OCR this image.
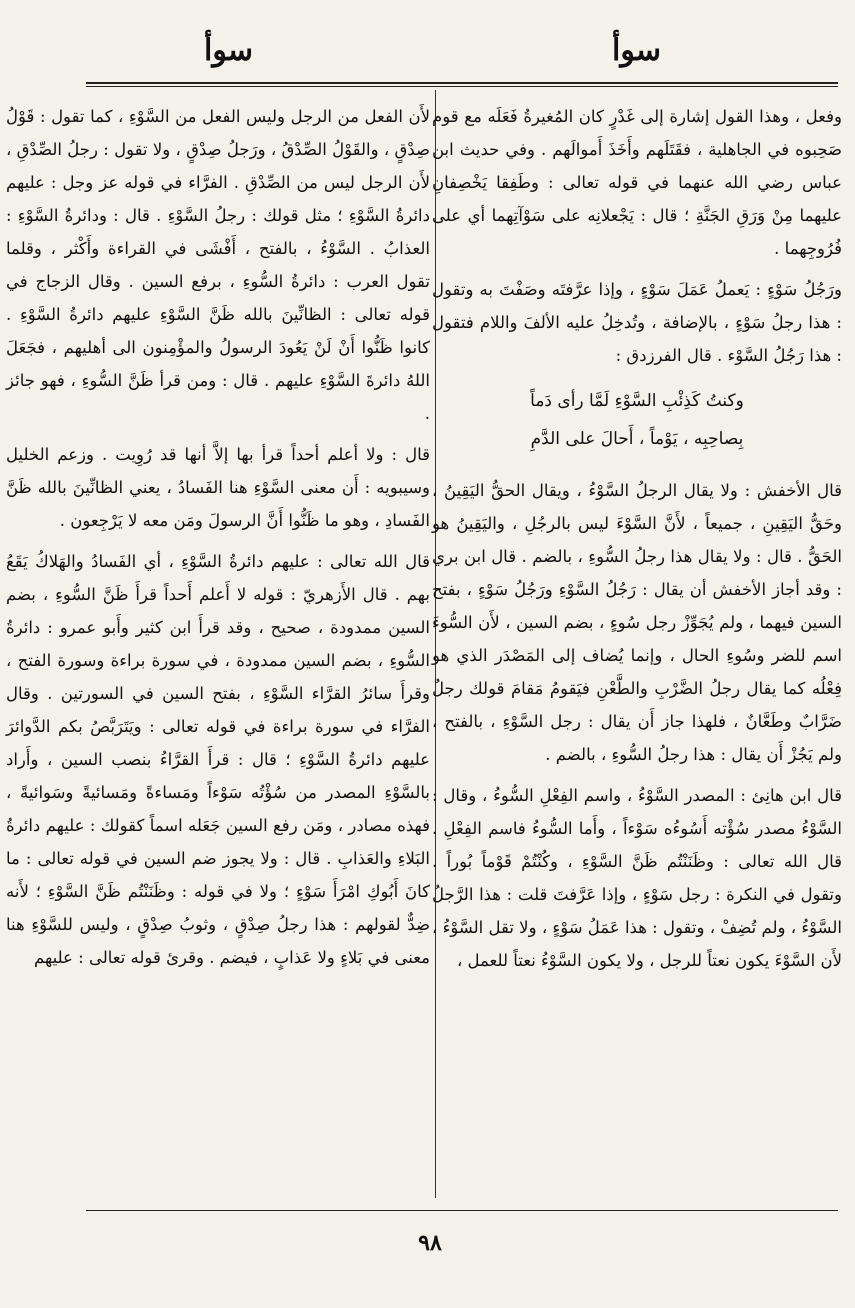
سوأ	سوأ

وفعل ، وهذا القول إشارة إلى غَدْرٍ كان المُغيرةُ فَعَلَه مع قوم صَحِبوه في الجاهلية ، فقَتَلَهم وأَخَذَ أَموالَهم . وفي حديث ابن عباس رضي الله عنهما في قوله تعالى : وطَفِقا يَخْصِفانِ عليهما مِنْ وَرَقِ الجَنَّةِ ؛ قال : يَجْعلانِه على سَوْآتِهما أي على فُرُوجِهما .

ورَجُلُ سَوْءٍ : يَعملُ عَمَلَ سَوْءٍ ، وإذا عرَّفتَه وصَفْتَ به وتقول : هذا رجلُ سَوْءٍ ، بالإضافة ، وتُدخِلُ عليه الألفَ واللام فتقول : هذا رَجُلُ السَّوْء . قال الفرزدق :

وكنتُ كَذِئْبِ السَّوْءِ لَمَّا رأى دَماً
بِصاحِبِه ، يَوْماً ، أَحالَ على الدَّمِ

قال الأخفش : ولا يقال الرجلُ السَّوْءُ ، ويقال الحقُّ اليَقِينُ ، وحَقُّ اليَقِينِ ، جميعاً ، لأَنَّ السَّوْءَ ليس بالرجُلِ ، واليَقِينُ هو الحَقُّ . قال : ولا يقال هذا رجلُ السُّوءِ ، بالضم . قال ابن بري : وقد أجاز الأخفش أن يقال : رَجُلُ السَّوْءِ ورَجُلُ سَوْءٍ ، بفتح السين فيهما ، ولم يُجَوِّزْ رجل سُوءٍ ، بضم السين ، لأَن السُّوءَ اسم للضر وسُوءِ الحال ، وإنما يُضاف إلى المَصْدَر الذي هو فِعْلُه كما يقال رجلُ الضَّرْبِ والطَّعْنِ فيَقومُ مَقامَ قولك رجلٌ ضَرَّابٌ وطَعَّانٌ ، فلهذا جاز أَن يقال : رجل السَّوْءِ ، بالفتح ، ولم يَجُزْ أَن يقال : هذا رجلُ السُّوءِ ، بالضم .

قال ابن هانِئ : المصدر السَّوْءُ ، واسم الفِعْلِ السُّوءُ ، وقال : السَّوْءُ مصدر سُؤْته أَسُوءُه سَوْءاً ، وأَما السُّوءُ فاسم الفِعْلِ . قال الله تعالى : وظَنَنْتُم ظَنَّ السَّوْءِ ، وكُنْتُمْ قَوْماً بُوراً . وتقول في النكرة : رجل سَوْءٍ ، وإذا عَرَّفتَ قلت : هذا الرَّجلُ السَّوْءُ ، ولم تُضِفْ ، وتقول : هذا عَمَلُ سَوْءٍ ، ولا تقل السَّوْءُ ، لأَن السَّوْءَ يكون نعتاً للرجل ، ولا يكون السَّوْءُ نعتاً للعمل ،

لأَن الفعل من الرجل وليس الفعل من السَّوْءِ ، كما تقول : قَوْلُ صِدْقٍ ، والقَوْلُ الصِّدْقُ ، ورَجلُ صِدْقٍ ، ولا تقول : رجلُ الصِّدْقِ ، لأَن الرجل ليس من الصِّدْقِ . الفرَّاء في قوله عز وجل : عليهم دائرةُ السَّوْءِ ؛ مثل قولك : رجلُ السَّوْءِ . قال : ودائرةُ السَّوْءِ : العذابُ . السَّوْءُ ، بالفتح ، أَفْشَى في القراءة وأَكْثر ، وقلما تقول العرب : دائرةُ السُّوءِ ، برفع السين . وقال الزجاج في قوله تعالى : الظانِّينَ بالله ظَنَّ السَّوْءِ عليهم دائرةُ السَّوْءِ . كانوا ظَنُّوا أَنْ لَنْ يَعُودَ الرسولُ والمؤْمِنون الى أهليهم ، فجَعَلَ اللهُ دائرةَ السَّوْءِ عليهم . قال : ومن قرأ ظَنَّ السُّوءِ ، فهو جائز .

قال : ولا أعلم أحداً قرأ بها إلاَّ أنها قد رُوِيت . وزعم الخليل وسيبويه : أَن معنى السَّوْءِ هنا الفَسادُ ، يعني الظانِّينَ بالله ظَنَّ الفَسادِ ، وهو ما ظَنُّوا أَنَّ الرسولَ ومَن معه لا يَرْجِعون .

قال الله تعالى : عليهم دائرةُ السَّوْءِ ، أي الفَسادُ والهَلاكُ يَقَعُ بهم . قال الأَزهريّ : قوله لا أَعلم أَحداً قرأَ ظَنَّ السُّوءِ ، بضم السين ممدودة ، صحيح ، وقد قرأَ ابن كثير وأَبو عمرو : دائرةُ السُّوءِ ، بضم السين ممدودة ، في سورة براءة وسورة الفتح ، وقرأَ سائرُ القرَّاء السَّوْءِ ، بفتح السين في السورتين . وقال الفرَّاء في سورة براءة في قوله تعالى : ويَتَرَبَّصُ بكم الدَّوائرَ عليهم دائرةُ السَّوْءِ ؛ قال : قرأَ القرَّاءُ بنصب السين ، وأَراد بالسَّوْءِ المصدر من سُؤْتُه سَوْءاً ومَساءةً ومَسائيةً وسَوائيةً ، فهذه مصادر ، ومَن رفع السين جَعَله اسماً كقولك : عليهم دائرةُ البَلاءِ والعَذابِ . قال : ولا يجوز ضم السين في قوله تعالى : ما كانَ أَبُوكِ امْرَأَ سَوْءٍ ؛ ولا في قوله : وظَنَنْتُم ظَنَّ السَّوْءِ ؛ لأَنه ضِدٌّ لقولهم : هذا رجلُ صِدْقٍ ، وثوبُ صِدْقٍ ، وليس للسَّوْءِ هنا معنى في بَلاءٍ ولا عَذابٍ ، فيضم . وقرئ قوله تعالى : عليهم

٩٨
